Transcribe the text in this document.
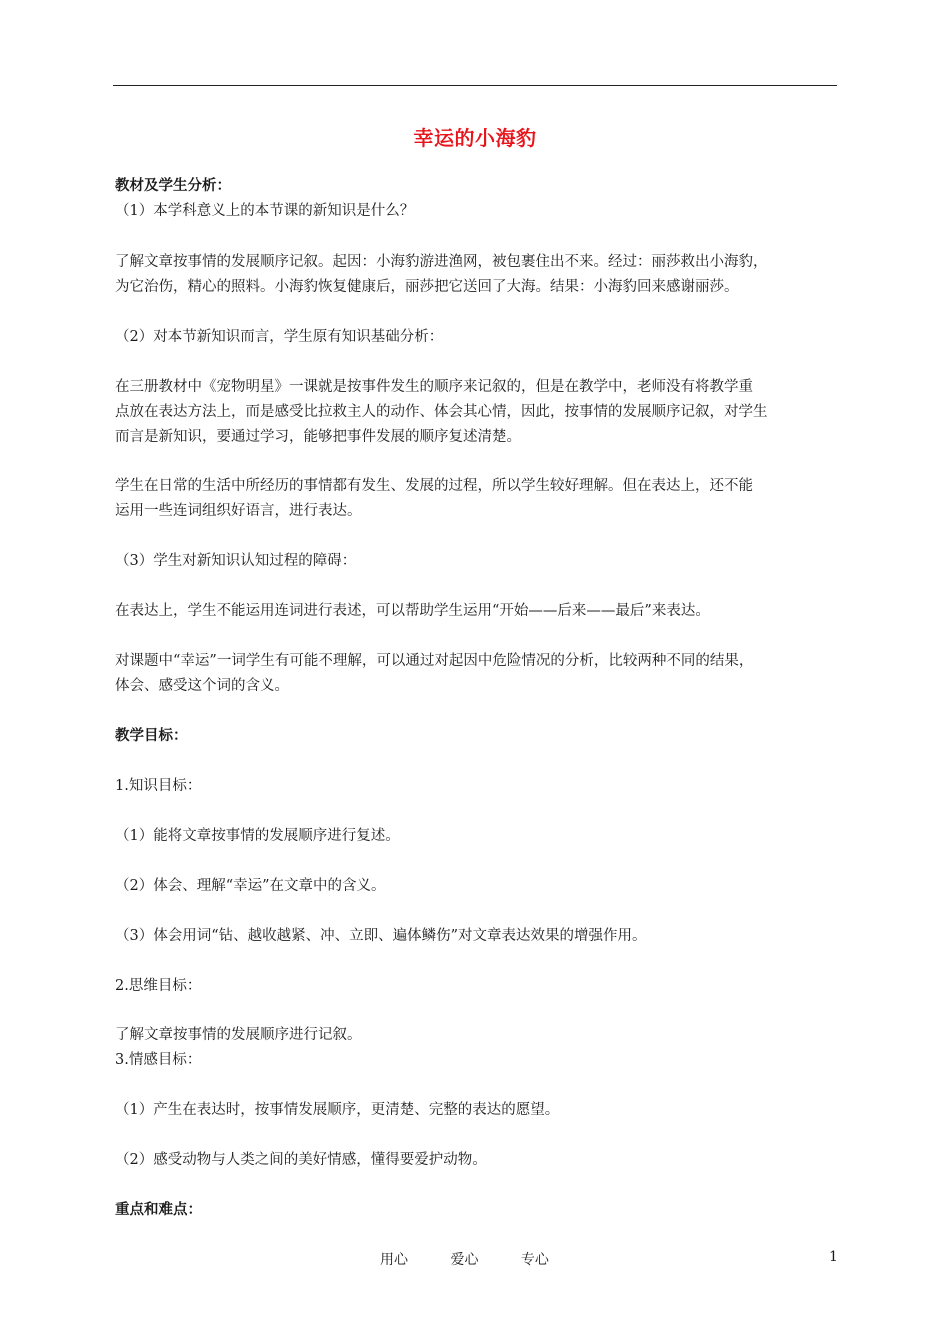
幸运的小海豹
教材及学生分析：
（1）本学科意义上的本节课的新知识是什么？
了解文章按事情的发展顺序记叙。起因：小海豹游进渔网，被包裹住出不来。经过：丽莎救出小海豹，
为它治伤，精心的照料。小海豹恢复健康后，丽莎把它送回了大海。结果：小海豹回来感谢丽莎。
（2）对本节新知识而言，学生原有知识基础分析：
在三册教材中《宠物明星》一课就是按事件发生的顺序来记叙的，但是在教学中，老师没有将教学重
点放在表达方法上，而是感受比拉救主人的动作、体会其心情，因此，按事情的发展顺序记叙，对学生
而言是新知识，要通过学习，能够把事件发展的顺序复述清楚。
学生在日常的生活中所经历的事情都有发生、发展的过程，所以学生较好理解。但在表达上，还不能
运用一些连词组织好语言，进行表达。
（3）学生对新知识认知过程的障碍：
在表达上，学生不能运用连词进行表述，可以帮助学生运用“开始——后来——最后”来表达。
对课题中“幸运”一词学生有可能不理解，可以通过对起因中危险情况的分析，比较两种不同的结果，
体会、感受这个词的含义。
教学目标：
1.知识目标：
（1）能将文章按事情的发展顺序进行复述。
（2）体会、理解“幸运”在文章中的含义。
（3）体会用词“钻、越收越紧、冲、立即、遍体鳞伤”对文章表达效果的增强作用。
2.思维目标：
了解文章按事情的发展顺序进行记叙。
3.情感目标：
（1）产生在表达时，按事情发展顺序，更清楚、完整的表达的愿望。
（2）感受动物与人类之间的美好情感，懂得要爱护动物。
重点和难点：
用心	爱心	专心	1
